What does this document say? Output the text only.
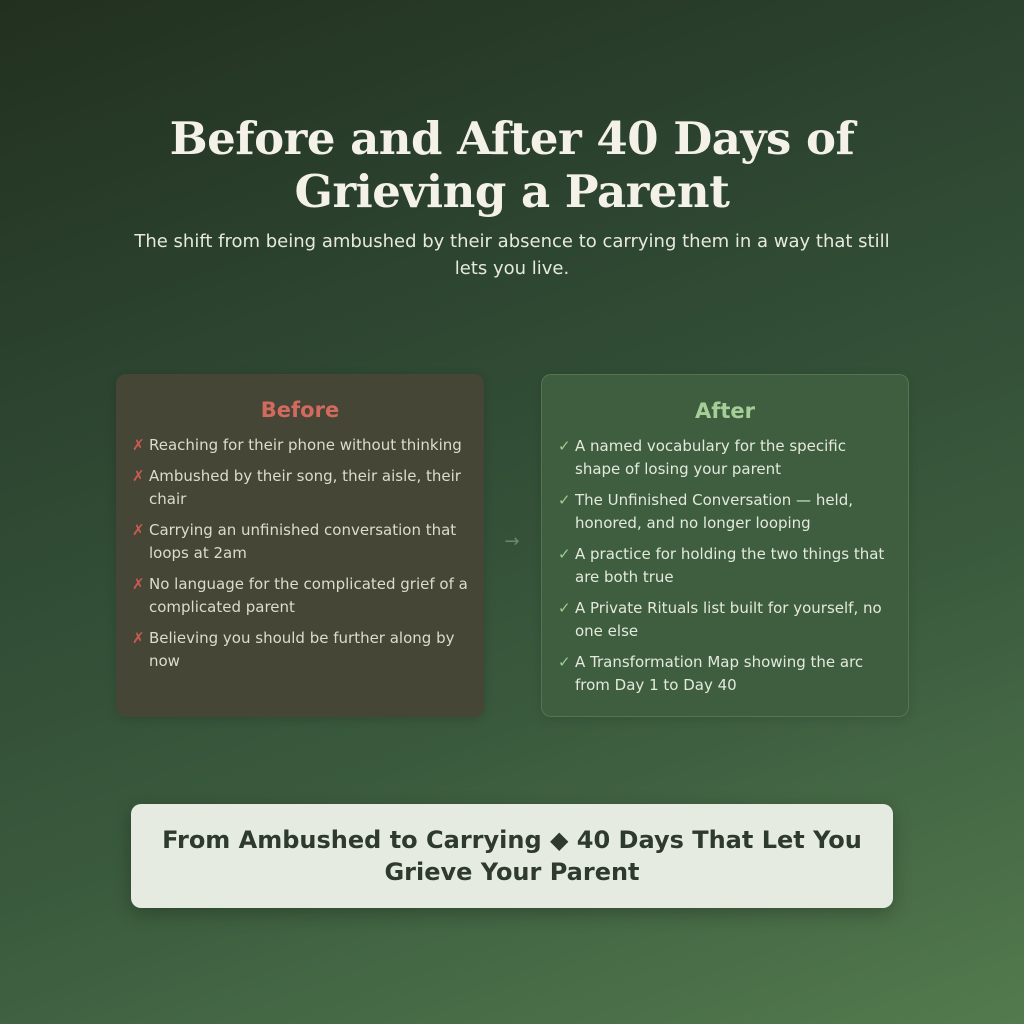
Before and After 40 Days of Grieving a Parent

The shift from being ambushed by their absence to carrying them in a way that still lets you live.

Before
✗ Reaching for their phone without thinking
✗ Ambushed by their song, their aisle, their chair
✗ Carrying an unfinished conversation that loops at 2am
✗ No language for the complicated grief of a complicated parent
✗ Believing you should be further along by now
→
After
✓ A named vocabulary for the specific shape of losing your parent
✓ The Unfinished Conversation — held, honored, and no longer looping
✓ A practice for holding the two things that are both true
✓ A Private Rituals list built for yourself, no one else
✓ A Transformation Map showing the arc from Day 1 to Day 40
From Ambushed to Carrying ◆ 40 Days That Let You Grieve Your Parent
